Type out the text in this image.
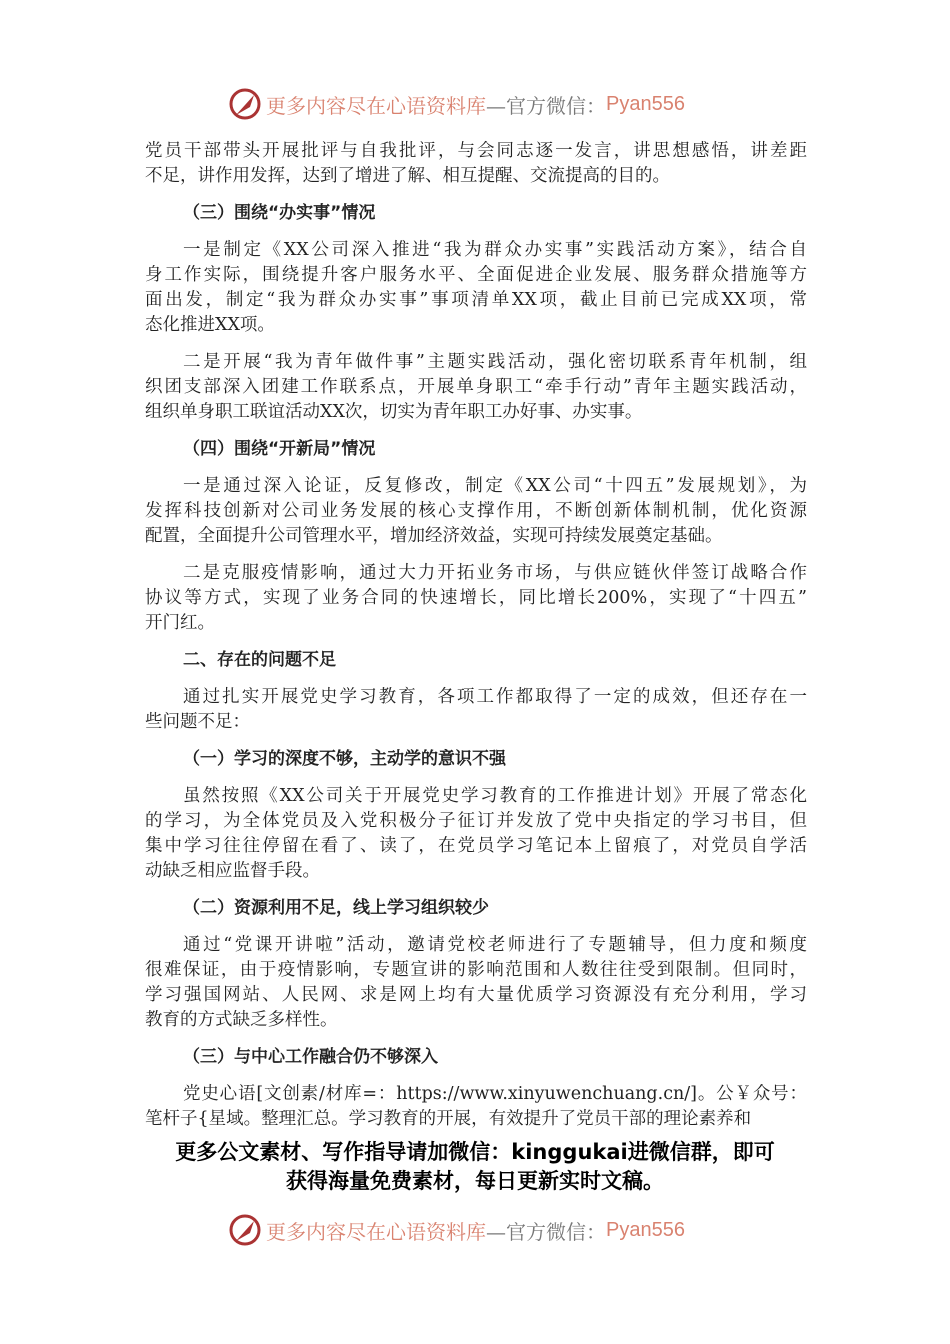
更多内容尽在心语资料库 —官方微信： Pyan556
党员干部带头开展批评与自我批评，与会同志逐一发言，讲思想感悟，讲差距
不足，讲作用发挥，达到了增进了解、相互提醒、交流提高的目的。
（三）围绕“办实事”情况
一是制定《XX公司深入推进“我为群众办实事”实践活动方案》，结合自
身工作实际，围绕提升客户服务水平、全面促进企业发展、服务群众措施等方
面出发，制定“我为群众办实事”事项清单XX项，截止目前已完成XX项，常
态化推进XX项。
二是开展“我为青年做件事”主题实践活动，强化密切联系青年机制，组
织团支部深入团建工作联系点，开展单身职工“牵手行动”青年主题实践活动，
组织单身职工联谊活动XX次，切实为青年职工办好事、办实事。
（四）围绕“开新局”情况
一是通过深入论证，反复修改，制定《XX公司“十四五”发展规划》，为
发挥科技创新对公司业务发展的核心支撑作用，不断创新体制机制，优化资源
配置，全面提升公司管理水平，增加经济效益，实现可持续发展奠定基础。
二是克服疫情影响，通过大力开拓业务市场，与供应链伙伴签订战略合作
协议等方式，实现了业务合同的快速增长，同比增长200%，实现了“十四五”
开门红。
二、存在的问题不足
通过扎实开展党史学习教育，各项工作都取得了一定的成效，但还存在一
些问题不足：
（一）学习的深度不够，主动学的意识不强
虽然按照《XX公司关于开展党史学习教育的工作推进计划》开展了常态化
的学习，为全体党员及入党积极分子征订并发放了党中央指定的学习书目，但
集中学习往往停留在看了、读了，在党员学习笔记本上留痕了，对党员自学活
动缺乏相应监督手段。
（二）资源利用不足，线上学习组织较少
通过“党课开讲啦”活动，邀请党校老师进行了专题辅导，但力度和频度
很难保证，由于疫情影响，专题宣讲的影响范围和人数往往受到限制。但同时，
学习强国网站、人民网、求是网上均有大量优质学习资源没有充分利用，学习
教育的方式缺乏多样性。
（三）与中心工作融合仍不够深入
党史心语[文创素/材库=：https://www.xinyuwenchuang.cn/]。公￥众号：
笔杆子{星域。整理汇总。学习教育的开展，有效提升了党员干部的理论素养和
更多公文素材、写作指导请加微信：kinggukai进微信群，即可
获得海量免费素材，每日更新实时文稿。
更多内容尽在心语资料库 —官方微信： Pyan556
